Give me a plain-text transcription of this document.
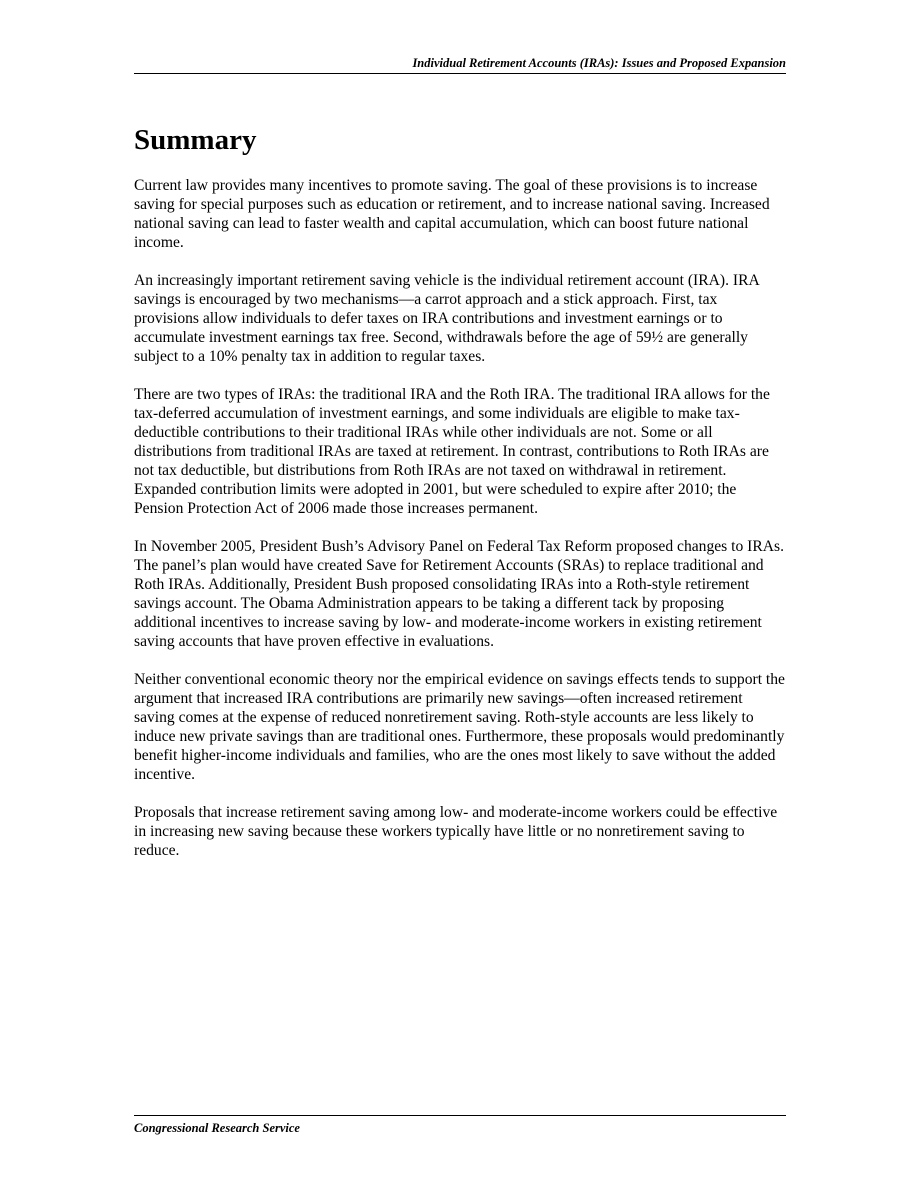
Individual Retirement Accounts (IRAs): Issues and Proposed Expansion
Summary

Current law provides many incentives to promote saving. The goal of these provisions is to increase saving for special purposes such as education or retirement, and to increase national saving. Increased national saving can lead to faster wealth and capital accumulation, which can boost future national income.

An increasingly important retirement saving vehicle is the individual retirement account (IRA). IRA savings is encouraged by two mechanisms—a carrot approach and a stick approach. First, tax provisions allow individuals to defer taxes on IRA contributions and investment earnings or to accumulate investment earnings tax free. Second, withdrawals before the age of 59½ are generally subject to a 10% penalty tax in addition to regular taxes.

There are two types of IRAs: the traditional IRA and the Roth IRA. The traditional IRA allows for the tax-deferred accumulation of investment earnings, and some individuals are eligible to make tax-deductible contributions to their traditional IRAs while other individuals are not. Some or all distributions from traditional IRAs are taxed at retirement. In contrast, contributions to Roth IRAs are not tax deductible, but distributions from Roth IRAs are not taxed on withdrawal in retirement. Expanded contribution limits were adopted in 2001, but were scheduled to expire after 2010; the Pension Protection Act of 2006 made those increases permanent.

In November 2005, President Bush’s Advisory Panel on Federal Tax Reform proposed changes to IRAs. The panel’s plan would have created Save for Retirement Accounts (SRAs) to replace traditional and Roth IRAs. Additionally, President Bush proposed consolidating IRAs into a Roth-style retirement savings account. The Obama Administration appears to be taking a different tack by proposing additional incentives to increase saving by low- and moderate-income workers in existing retirement saving accounts that have proven effective in evaluations.

Neither conventional economic theory nor the empirical evidence on savings effects tends to support the argument that increased IRA contributions are primarily new savings—often increased retirement saving comes at the expense of reduced nonretirement saving. Roth-style accounts are less likely to induce new private savings than are traditional ones. Furthermore, these proposals would predominantly benefit higher-income individuals and families, who are the ones most likely to save without the added incentive.

Proposals that increase retirement saving among low- and moderate-income workers could be effective in increasing new saving because these workers typically have little or no nonretirement saving to reduce.

Congressional Research Service
